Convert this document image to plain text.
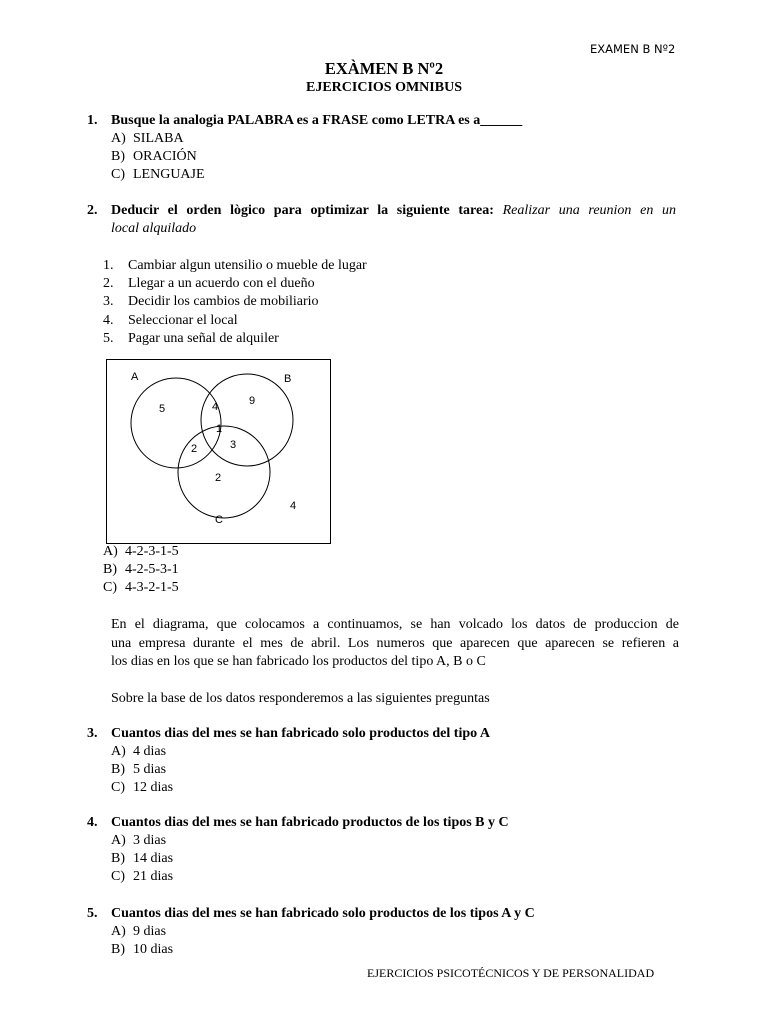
EXAMEN B Nº2
EXÀMEN B Nº2
EJERCICIOS OMNIBUS
1. Busque la analogia PALABRA es a FRASE como LETRA es a______
A) SILABA
B) ORACIÓN
C) LENGUAJE
2. Deducir el orden lògico para optimizar la siguiente tarea: Realizar una reunion en un
local alquilado
1. Cambiar algun utensilio o mueble de lugar
2. Llegar a un acuerdo con el dueño
3. Decidir los cambios de mobiliario
4. Seleccionar el local
5. Pagar una señal de alquiler
A	B
C
5	4	9
1
2	3
2
4
A) 4-2-3-1-5
B) 4-2-5-3-1
C) 4-3-2-1-5
En el diagrama, que colocamos a continuamos, se han volcado los datos de produccion de
una empresa durante el mes de abril. Los numeros que aparecen que aparecen se refieren a
los dias en los que se han fabricado los productos del tipo A, B o C
Sobre la base de los datos responderemos a las siguientes preguntas
3. Cuantos dias del mes se han fabricado solo productos del tipo A
A) 4 dias
B) 5 dias
C) 12 dias
4. Cuantos dias del mes se han fabricado productos de los tipos B y C
A) 3 dias
B) 14 dias
C) 21 dias
5. Cuantos dias del mes se han fabricado solo productos de los tipos A y C
A) 9 dias
B) 10 dias
EJERCICIOS PSICOTÉCNICOS Y DE PERSONALIDAD
